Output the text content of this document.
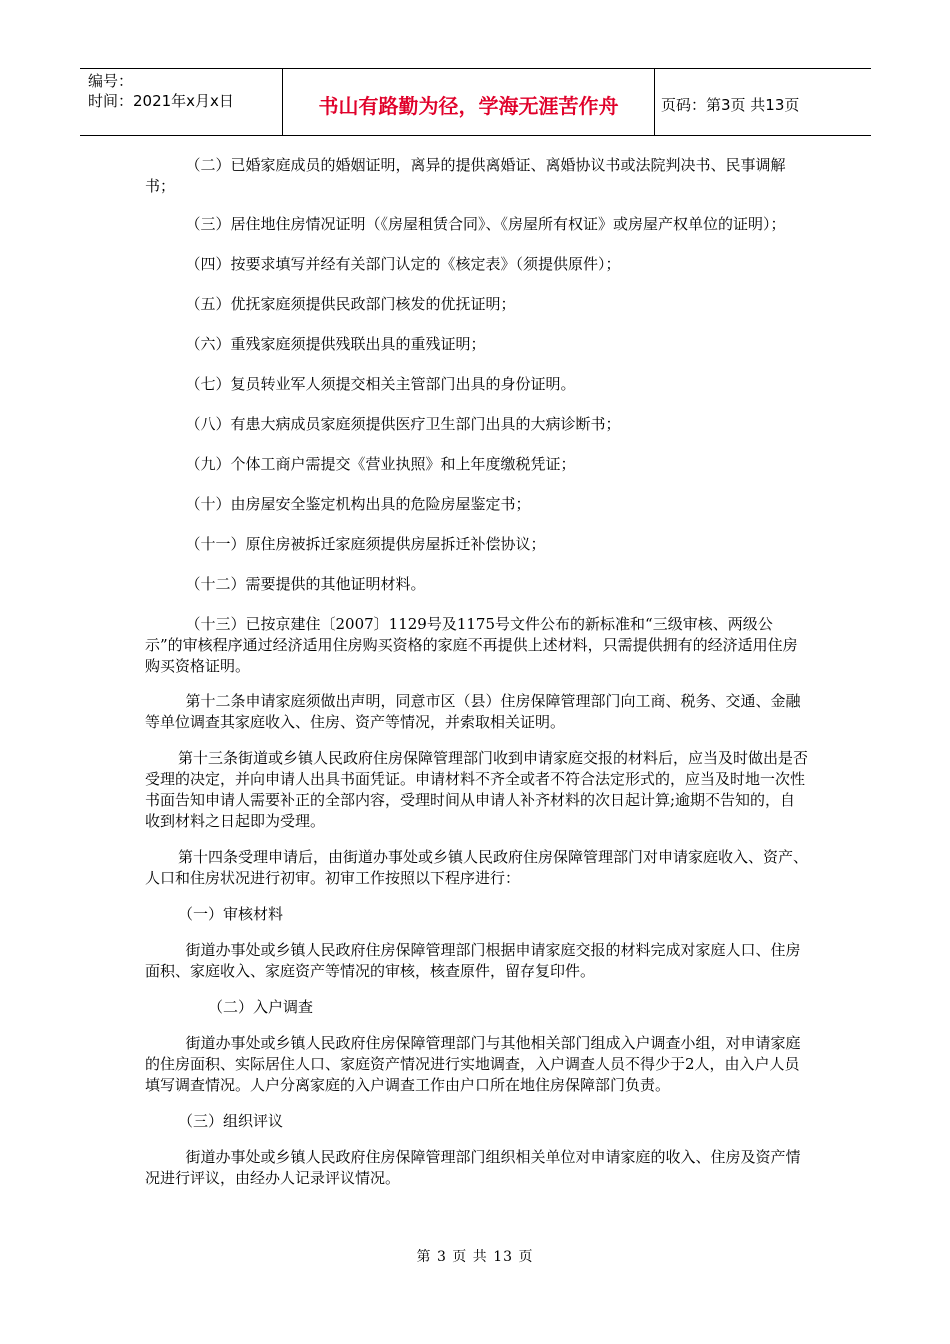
编号：
时间：2021年x月x日	书山有路勤为径，学海无涯苦作舟	页码：第3页 共13页

（二）已婚家庭成员的婚姻证明，离异的提供离婚证、离婚协议书或法院判决书、民事调解书；

（三）居住地住房情况证明（《房屋租赁合同》、《房屋所有权证》或房屋产权单位的证明）；

（四）按要求填写并经有关部门认定的《核定表》（须提供原件）；

（五）优抚家庭须提供民政部门核发的优抚证明；

（六）重残家庭须提供残联出具的重残证明；

（七）复员转业军人须提交相关主管部门出具的身份证明。

（八）有患大病成员家庭须提供医疗卫生部门出具的大病诊断书；

（九）个体工商户需提交《营业执照》和上年度缴税凭证；

（十）由房屋安全鉴定机构出具的危险房屋鉴定书；

（十一）原住房被拆迁家庭须提供房屋拆迁补偿协议；

（十二）需要提供的其他证明材料。

（十三）已按京建住〔2007〕1129号及1175号文件公布的新标准和“三级审核、两级公示”的审核程序通过经济适用住房购买资格的家庭不再提供上述材料，只需提供拥有的经济适用住房购买资格证明。

第十二条申请家庭须做出声明，同意市区（县）住房保障管理部门向工商、税务、交通、金融等单位调查其家庭收入、住房、资产等情况，并索取相关证明。

第十三条街道或乡镇人民政府住房保障管理部门收到申请家庭交报的材料后，应当及时做出是否受理的决定，并向申请人出具书面凭证。申请材料不齐全或者不符合法定形式的，应当及时地一次性书面告知申请人需要补正的全部内容，受理时间从申请人补齐材料的次日起计算;逾期不告知的，自收到材料之日起即为受理。

第十四条受理申请后，由街道办事处或乡镇人民政府住房保障管理部门对申请家庭收入、资产、人口和住房状况进行初审。初审工作按照以下程序进行：

（一）审核材料

街道办事处或乡镇人民政府住房保障管理部门根据申请家庭交报的材料完成对家庭人口、住房面积、家庭收入、家庭资产等情况的审核，核查原件，留存复印件。

（二）入户调查

街道办事处或乡镇人民政府住房保障管理部门与其他相关部门组成入户调查小组，对申请家庭的住房面积、实际居住人口、家庭资产情况进行实地调查，入户调查人员不得少于2人，由入户人员填写调查情况。人户分离家庭的入户调查工作由户口所在地住房保障部门负责。

（三）组织评议

街道办事处或乡镇人民政府住房保障管理部门组织相关单位对申请家庭的收入、住房及资产情况进行评议，由经办人记录评议情况。

第 3 页 共 13 页
